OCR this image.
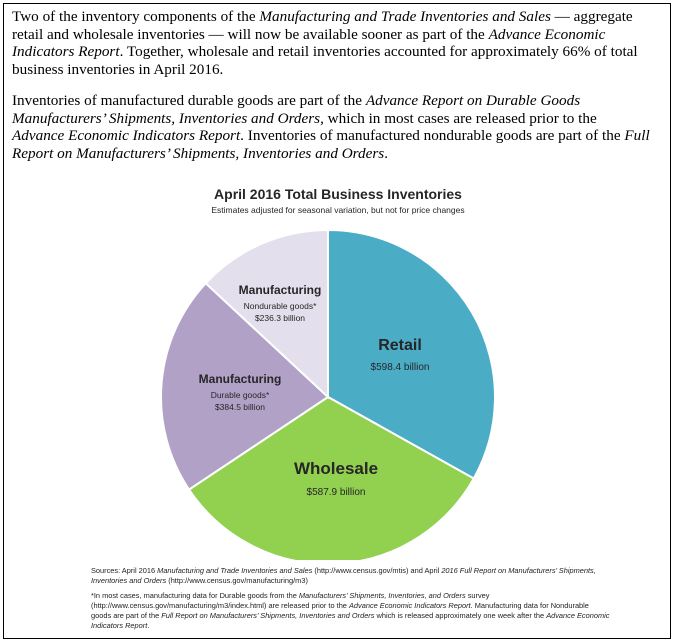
Two of the inventory components of the Manufacturing and Trade Inventories and Sales — aggregate retail and wholesale inventories — will now be available sooner as part of the Advance Economic Indicators Report. Together, wholesale and retail inventories accounted for approximately 66% of total business inventories in April 2016.
Inventories of manufactured durable goods are part of the Advance Report on Durable Goods Manufacturers’ Shipments, Inventories and Orders, which in most cases are released prior to the Advance Economic Indicators Report. Inventories of manufactured nondurable goods are part of the Full Report on Manufacturers’ Shipments, Inventories and Orders.
April 2016 Total Business Inventories
Estimates adjusted for seasonal variation, but not for price changes
Retail
$598.4 billion
Wholesale
$587.9 billion
Manufacturing
Durable goods*
$384.5 billion
Manufacturing
Nondurable goods*
$236.3 billion
Sources: April 2016 Manufacturing and Trade Inventories and Sales (http://www.census.gov/mtis) and April 2016 Full Report on Manufacturers’ Shipments, Inventories and Orders (http://www.census.gov/manufacturing/m3)
*In most cases, manufacturing data for Durable goods from the Manufacturers’ Shipments, Inventories, and Orders survey (http://www.census.gov/manufacturing/m3/index.html) are released prior to the Advance Economic Indicators Report. Manufacturing data for Nondurable goods are part of the Full Report on Manufacturers’ Shipments, Inventories and Orders which is released approximately one week after the Advance Economic Indicators Report.
